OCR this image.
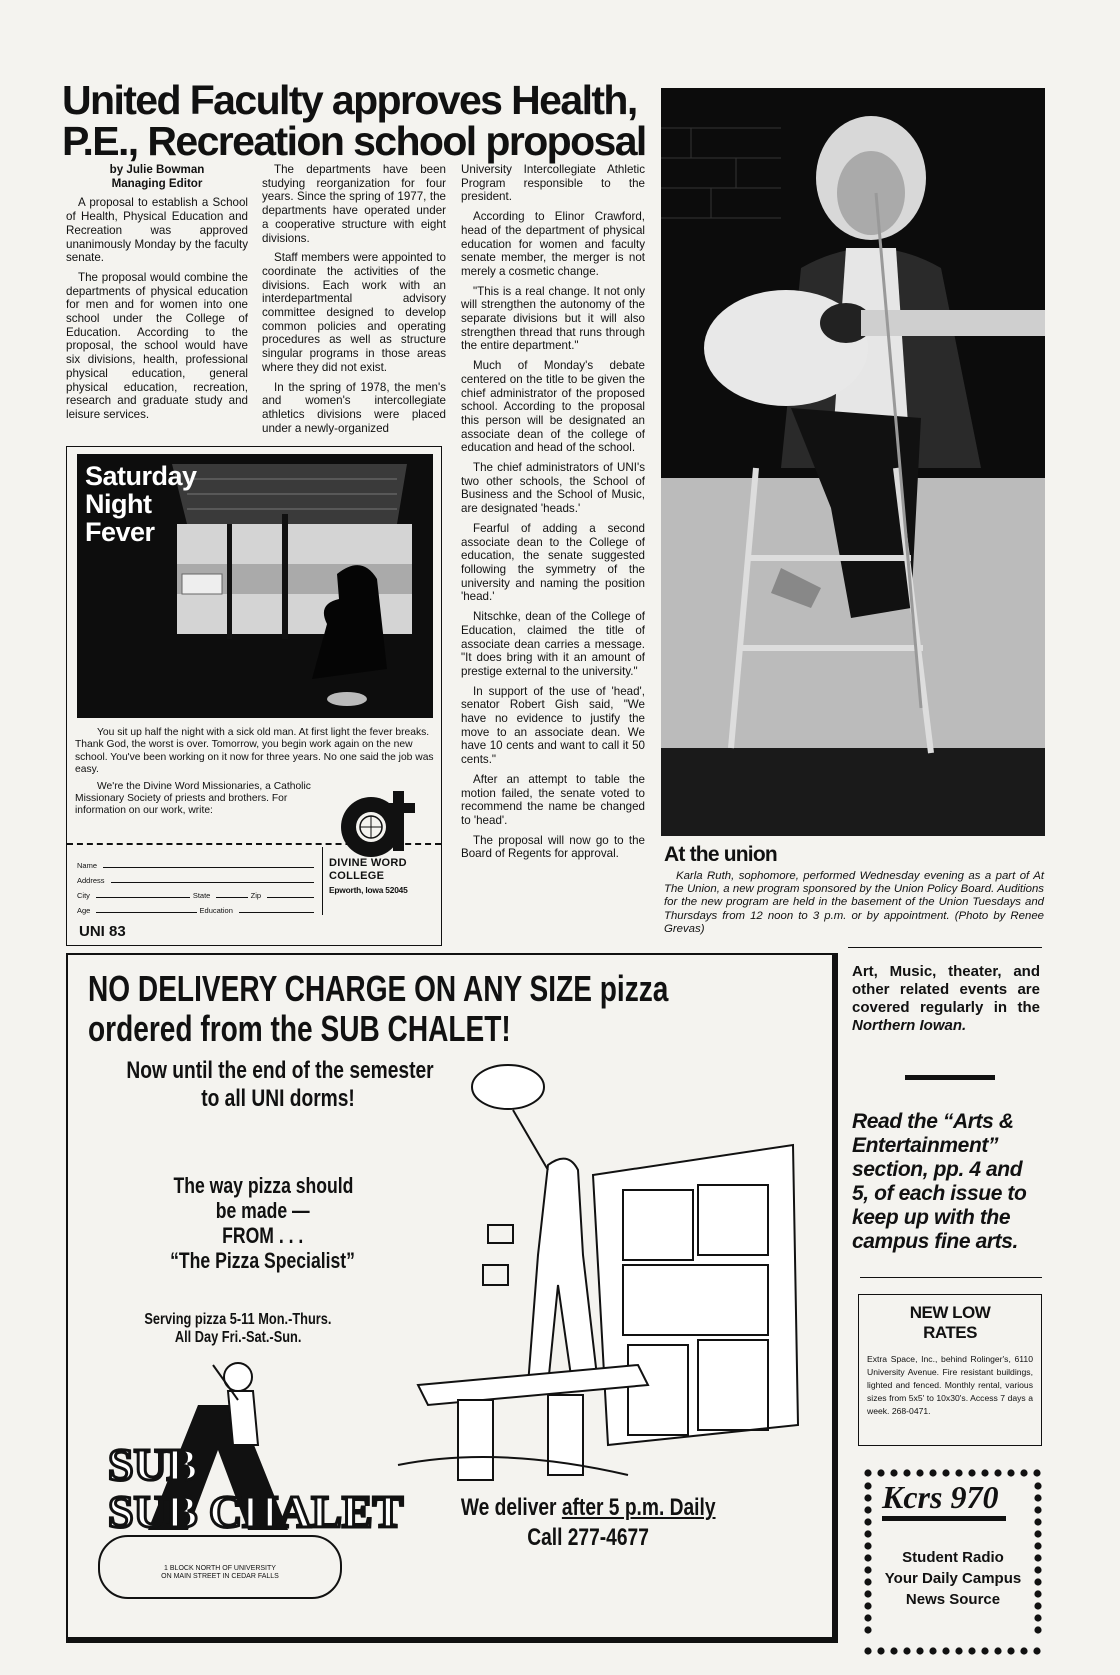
United Faculty approves Health,
P.E., Recreation school proposal
by Julie Bowman
Managing Editor

A proposal to establish a School of Health, Physical Education and Recreation was approved unanimously Monday by the faculty senate.

The proposal would combine the departments of physical education for men and for women into one school under the College of Education. According to the proposal, the school would have six divisions, health, professional physical education, general physical education, recreation, research and graduate study and leisure services.

The departments have been studying reorganization for four years. Since the spring of 1977, the departments have operated under a cooperative structure with eight divisions.

Staff members were appointed to coordinate the activities of the divisions. Each work with an interdepartmental advisory committee designed to develop common policies and operating procedures as well as structure singular programs in those areas where they did not exist.

In the spring of 1978, the men's and women's intercollegiate athletics divisions were placed under a newly-organized

University Intercollegiate Athletic Program responsible to the president.

According to Elinor Crawford, head of the department of physical education for women and faculty senate member, the merger is not merely a cosmetic change.

"This is a real change. It not only will strengthen the autonomy of the separate divisions but it will also strengthen thread that runs through the entire department."

Much of Monday's debate centered on the title to be given the chief administrator of the proposed school. According to the proposal this person will be designated an associate dean of the college of education and head of the school.

The chief administrators of UNI's two other schools, the School of Business and the School of Music, are designated 'heads.'

Fearful of adding a second associate dean to the College of education, the senate suggested following the symmetry of the university and naming the position 'head.'

Nitschke, dean of the College of Education, claimed the title of associate dean carries a message. "It does bring with it an amount of prestige external to the university."

In support of the use of 'head', senator Robert Gish said, "We have no evidence to justify the move to an associate dean. We have 10 cents and want to call it 50 cents."

After an attempt to table the motion failed, the senate voted to recommend the name be changed to 'head'.

The proposal will now go to the Board of Regents for approval.	At the union
Karla Ruth, sophomore, performed Wednesday evening as a part of At The Union, a new program sponsored by the Union Policy Board. Auditions for the new program are held in the basement of the Union Tuesdays and Thursdays from 12 noon to 3 p.m. or by appointment. (Photo by Renee Grevas)
Saturday
Night
Fever

You sit up half the night with a sick old man. At first light the fever breaks. Thank God, the worst is over. Tomorrow, you begin work again on the new school. You've been working on it now for three years. No one said the job was easy.

We're the Divine Word Missionaries, a Catholic Missionary Society of priests and brothers. For information on our work, write:

Name
Address
City	State	Zip
Age	Education
DIVINE WORD
COLLEGE
Epworth, Iowa 52045
UNI 83
NO DELIVERY CHARGE ON ANY SIZE pizza
ordered from the SUB CHALET!
Now until the end of the semester
to all UNI dorms!
The way pizza should
be made —
FROM . . .
“The Pizza Specialist”
Serving pizza 5-11 Mon.-Thurs.
All Day Fri.-Sat.-Sun.
SUB
SUB CHALET
1 BLOCK NORTH OF UNIVERSITY
ON MAIN STREET IN CEDAR FALLS
We deliver after 5 p.m. Daily
Call 277-4677
Art, Music, theater, and other related events are covered regularly in the Northern Iowan.
Read the “Arts & Entertainment” section, pp. 4 and 5, of each issue to keep up with the campus fine arts.
NEW LOW
RATES
Extra Space, Inc., behind Rolinger's, 6110 University Avenue. Fire resistant buildings, lighted and fenced. Monthly rental, various sizes from 5x5' to 10x30's. Access 7 days a week. 268-0471.
Kcrs 970
Student Radio
Your Daily Campus
News Source
